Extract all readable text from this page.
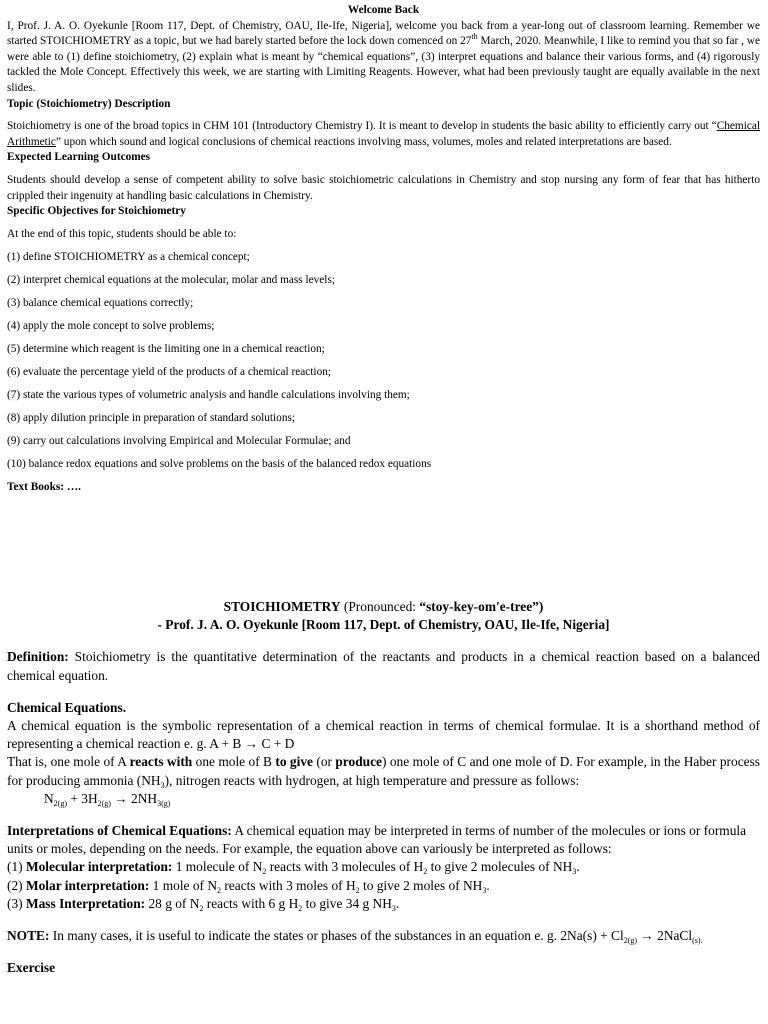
Welcome Back
I, Prof. J. A. O. Oyekunle [Room 117, Dept. of Chemistry, OAU, Ile-Ife, Nigeria], welcome you back from a year-long out of classroom learning. Remember we started STOICHIOMETRY as a topic, but we had barely started before the lock down comenced on 27th March, 2020. Meanwhile, I like to remind you that so far , we were able to (1) define stoichiometry, (2) explain what is meant by “chemical equations”, (3) interpret equations and balance their various forms, and (4) rigorously tackled the Mole Concept. Effectively this week, we are starting with Limiting Reagents. However, what had been previously taught are equally available in the next slides.
Topic (Stoichiometry) Description
Stoichiometry is one of the broad topics in CHM 101 (Introductory Chemistry I). It is meant to develop in students the basic ability to efficiently carry out “Chemical Arithmetic” upon which sound and logical conclusions of chemical reactions involving mass, volumes, moles and related interpretations are based.
Expected Learning Outcomes
Students should develop a sense of competent ability to solve basic stoichiometric calculations in Chemistry and stop nursing any form of fear that has hitherto crippled their ingenuity at handling basic calculations in Chemistry.
Specific Objectives for Stoichiometry
At the end of this topic, students should be able to:
(1) define STOICHIOMETRY as a chemical concept;
(2) interpret chemical equations at the molecular, molar and mass levels;
(3) balance chemical equations correctly;
(4) apply the mole concept to solve problems;
(5) determine which reagent is the limiting one in a chemical reaction;
(6) evaluate the percentage yield of the products of a chemical reaction;
(7) state the various types of volumetric analysis and handle calculations involving them;
(8) apply dilution principle in preparation of standard solutions;
(9) carry out calculations involving Empirical and Molecular Formulae; and
(10) balance redox equations and solve problems on the basis of the balanced redox equations
Text Books: ….
STOICHIOMETRY (Pronounced: “stoy-key-om'e-tree”)
- Prof. J. A. O. Oyekunle [Room 117, Dept. of Chemistry, OAU, Ile-Ife, Nigeria]
Definition: Stoichiometry is the quantitative determination of the reactants and products in a chemical reaction based on a balanced chemical equation.
Chemical Equations.
A chemical equation is the symbolic representation of a chemical reaction in terms of chemical formulae. It is a shorthand method of representing a chemical reaction e. g. A + B → C + D
That is, one mole of A reacts with one mole of B to give (or produce) one mole of C and one mole of D. For example, in the Haber process for producing ammonia $(NH_3)$, nitrogen reacts with hydrogen, at high temperature and pressure as follows:
$N_{2(g)} + 3H_{2(g)} \to 2NH_{3(g)}$
Interpretations of Chemical Equations: A chemical equation may be interpreted in terms of number of the molecules or ions or formula units or moles, depending on the needs. For example, the equation above can variously be interpreted as follows:
(1) Molecular interpretation: 1 molecule of $N_2$ reacts with 3 molecules of $H_2$ to give 2 molecules of $NH_3$.
(2) Molar interpretation: 1 mole of $N_2$ reacts with 3 moles of $H_2$ to give 2 moles of $NH_3$.
(3) Mass Interpretation: 28 g of $N_2$ reacts with 6 g $H_2$ to give 34 g $NH_3$.
NOTE: In many cases, it is useful to indicate the states or phases of the substances in an equation e. g. $2Na(s) + Cl_{2(g)}$ → 2NaCl$_{(s).}$
Exercise
